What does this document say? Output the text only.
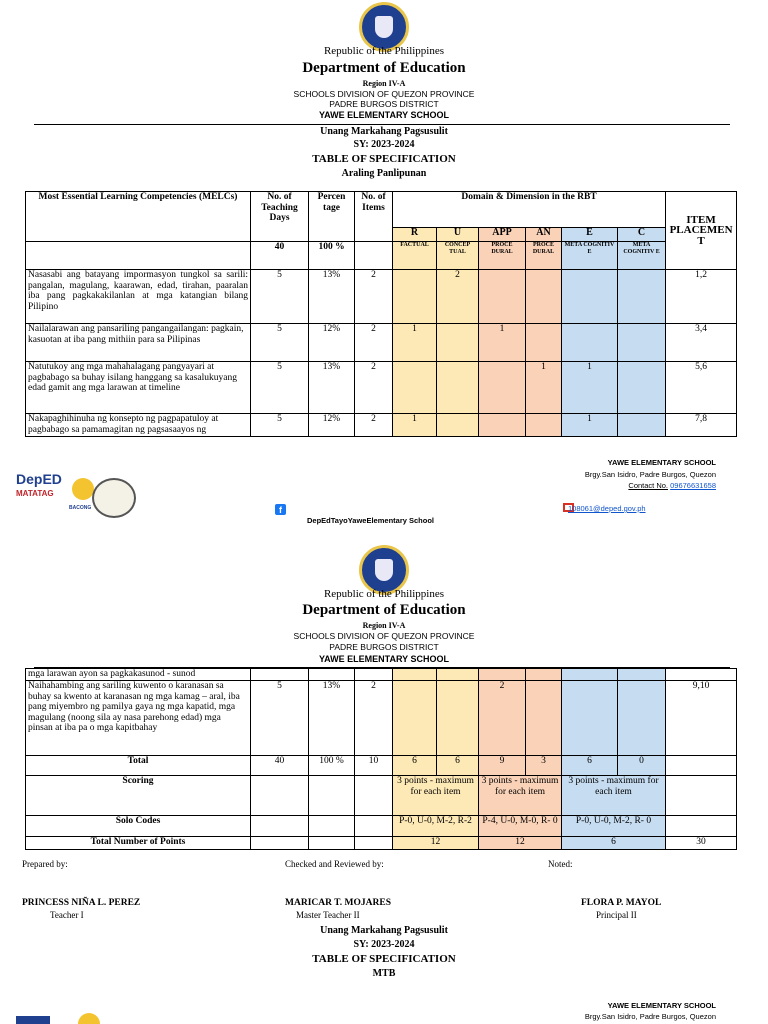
Republic of the Philippines
Department of Education
Region IV-A
SCHOOLS DIVISION OF QUEZON PROVINCE
PADRE BURGOS DISTRICT
YAWE ELEMENTARY SCHOOL
Unang Markahang Pagsusulit
SY: 2023-2024
TABLE OF SPECIFICATION
Araling Panlipunan
Most Essential Learning Competencies (MELCs)	No. of Teaching Days	Percen tage	No. of Items	Domain & Dimension in the RBT						ITEM PLACEMEN T
				R	U	APP	AN	E	C	
	40	100 %		FACTUAL	CONCEP TUAL	PROCE DURAL	PROCE DURAL	META COGNITIV E	META COGNITIV E	
Nasasabi ang batayang impormasyon tungkol sa sarili: pangalan, magulang, kaarawan, edad, tirahan, paaralan iba pang pagkakakilanlan at mga katangian bilang Pilipino	5	13%	2		2					1,2
Nailalarawan ang pansariling pangangailangan: pagkain, kasuotan at iba pang mithiin para sa Pilipinas	5	12%	2	1		1				3,4
Natutukoy ang mga mahahalagang pangyayari at pagbabago sa buhay isilang hanggang sa kasalukuyang edad gamit ang mga larawan at timeline	5	13%	2				1	1		5,6
Nakapaghihinuha ng konsepto ng pagpapatuloy at pagbabago sa pamamagitan ng pagsasaayos ng	5	12%	2	1				1		7,8
DepED
MATATAG
BACONG
YAWE ELEMENTARY SCHOOL
Brgy.San Isidro, Padre Burgos, Quezon
Contact No. 09676631658
f
DepEdTayoYaweElementary School
108061@deped.gov.ph
Republic of the Philippines
Department of Education
Region IV-A
SCHOOLS DIVISION OF QUEZON PROVINCE
PADRE BURGOS DISTRICT
YAWE ELEMENTARY SCHOOL
mga larawan ayon sa pagkakasunod - sunod										
Naihahambing ang sariling kuwento o karanasan sa buhay sa kwento at karanasan ng mga kamag – aral, iba pang miyembro ng pamilya gaya ng mga kapatid, mga magulang (noong sila ay nasa parehong edad) mga pinsan at iba pa o mga kapitbahay	5	13%	2			2				9,10
Total	40	100 %	10	6	6	9	3	6	0	
Scoring				3 points - maximum for each item		3 points - maximum for each item		3 points - maximum for each item		
Solo Codes				P-0, U-0, M-2, R-2		P-4, U-0, M-0, R- 0		P-0, U-0, M-2, R- 0		
Total Number of Points				12		12		6		30
Prepared by:	Checked and Reviewed by:	Noted:
PRINCESS NIÑA L. PEREZ
Teacher I
MARICAR T. MOJARES
Master Teacher II
FLORA P. MAYOL
Principal II
Unang Markahang Pagsusulit
SY: 2023-2024
TABLE OF SPECIFICATION
MTB
YAWE ELEMENTARY SCHOOL
Brgy.San Isidro, Padre Burgos, Quezon
